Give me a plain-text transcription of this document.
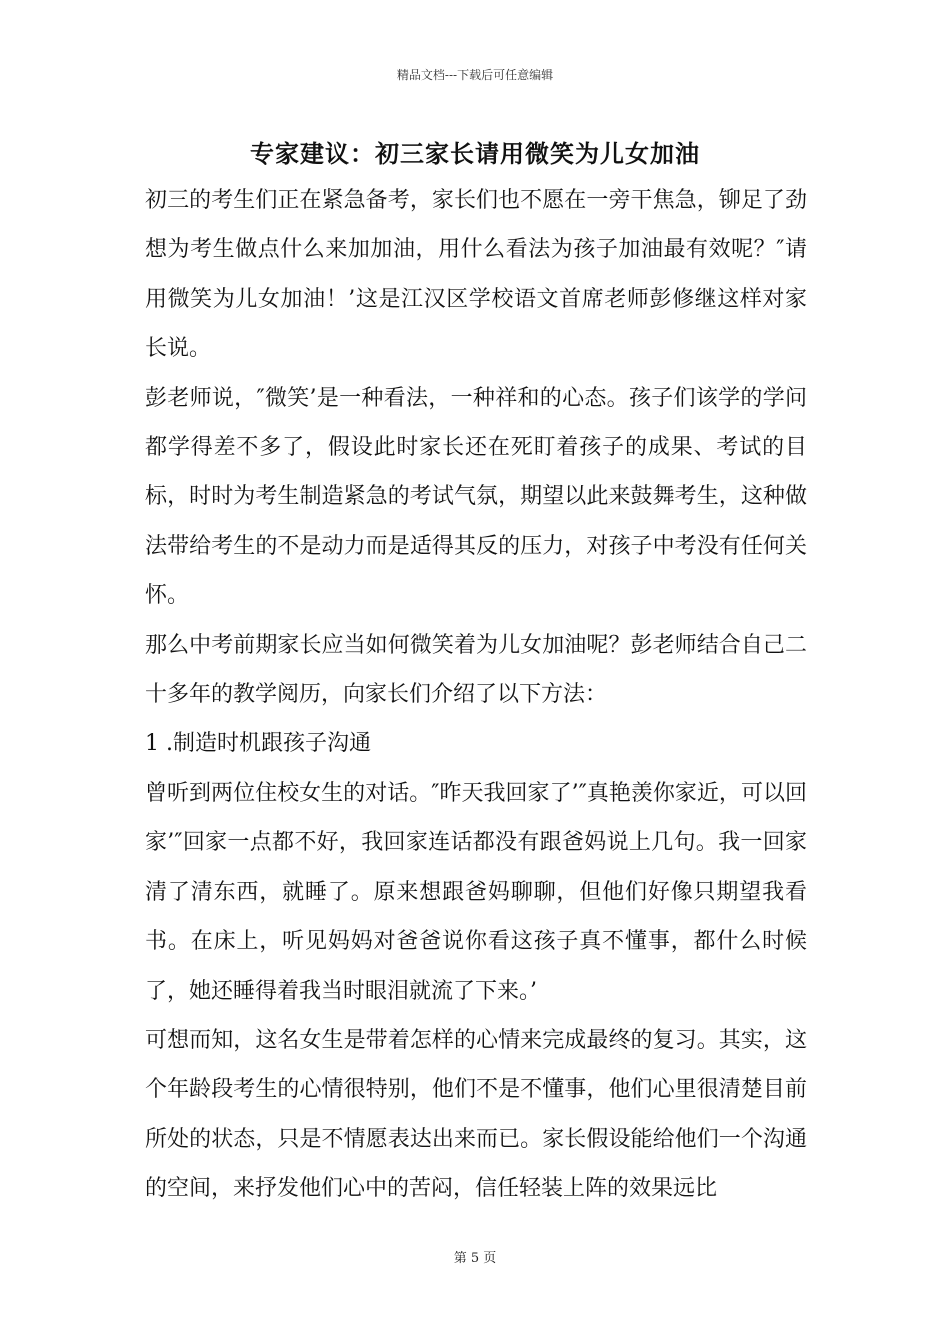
精品文档---下载后可任意编辑
专家建议：初三家长请用微笑为儿女加油

初三的考生们正在紧急备考，家长们也不愿在一旁干焦急，铆足了劲想为考生做点什么来加加油，用什么看法为孩子加油最有效呢？″请用微笑为儿女加油！’这是江汉区学校语文首席老师彭修继这样对家长说。

彭老师说，″微笑’是一种看法，一种祥和的心态。孩子们该学的学问都学得差不多了，假设此时家长还在死盯着孩子的成果、考试的目标，时时为考生制造紧急的考试气氛，期望以此来鼓舞考生，这种做法带给考生的不是动力而是适得其反的压力，对孩子中考没有任何关怀。

那么中考前期家长应当如何微笑着为儿女加油呢？彭老师结合自己二十多年的教学阅历，向家长们介绍了以下方法：

1 .制造时机跟孩子沟通

曾听到两位住校女生的对话。″昨天我回家了’″真艳羡你家近，可以回家’″回家一点都不好，我回家连话都没有跟爸妈说上几句。我一回家清了清东西，就睡了。原来想跟爸妈聊聊，但他们好像只期望我看书。在床上，听见妈妈对爸爸说你看这孩子真不懂事，都什么时候了，她还睡得着我当时眼泪就流了下来。’

可想而知，这名女生是带着怎样的心情来完成最终的复习。其实，这个年龄段考生的心情很特别，他们不是不懂事，他们心里很清楚目前所处的状态，只是不情愿表达出来而已。家长假设能给他们一个沟通的空间，来抒发他们心中的苦闷，信任轻装上阵的效果远比

第 5 页
